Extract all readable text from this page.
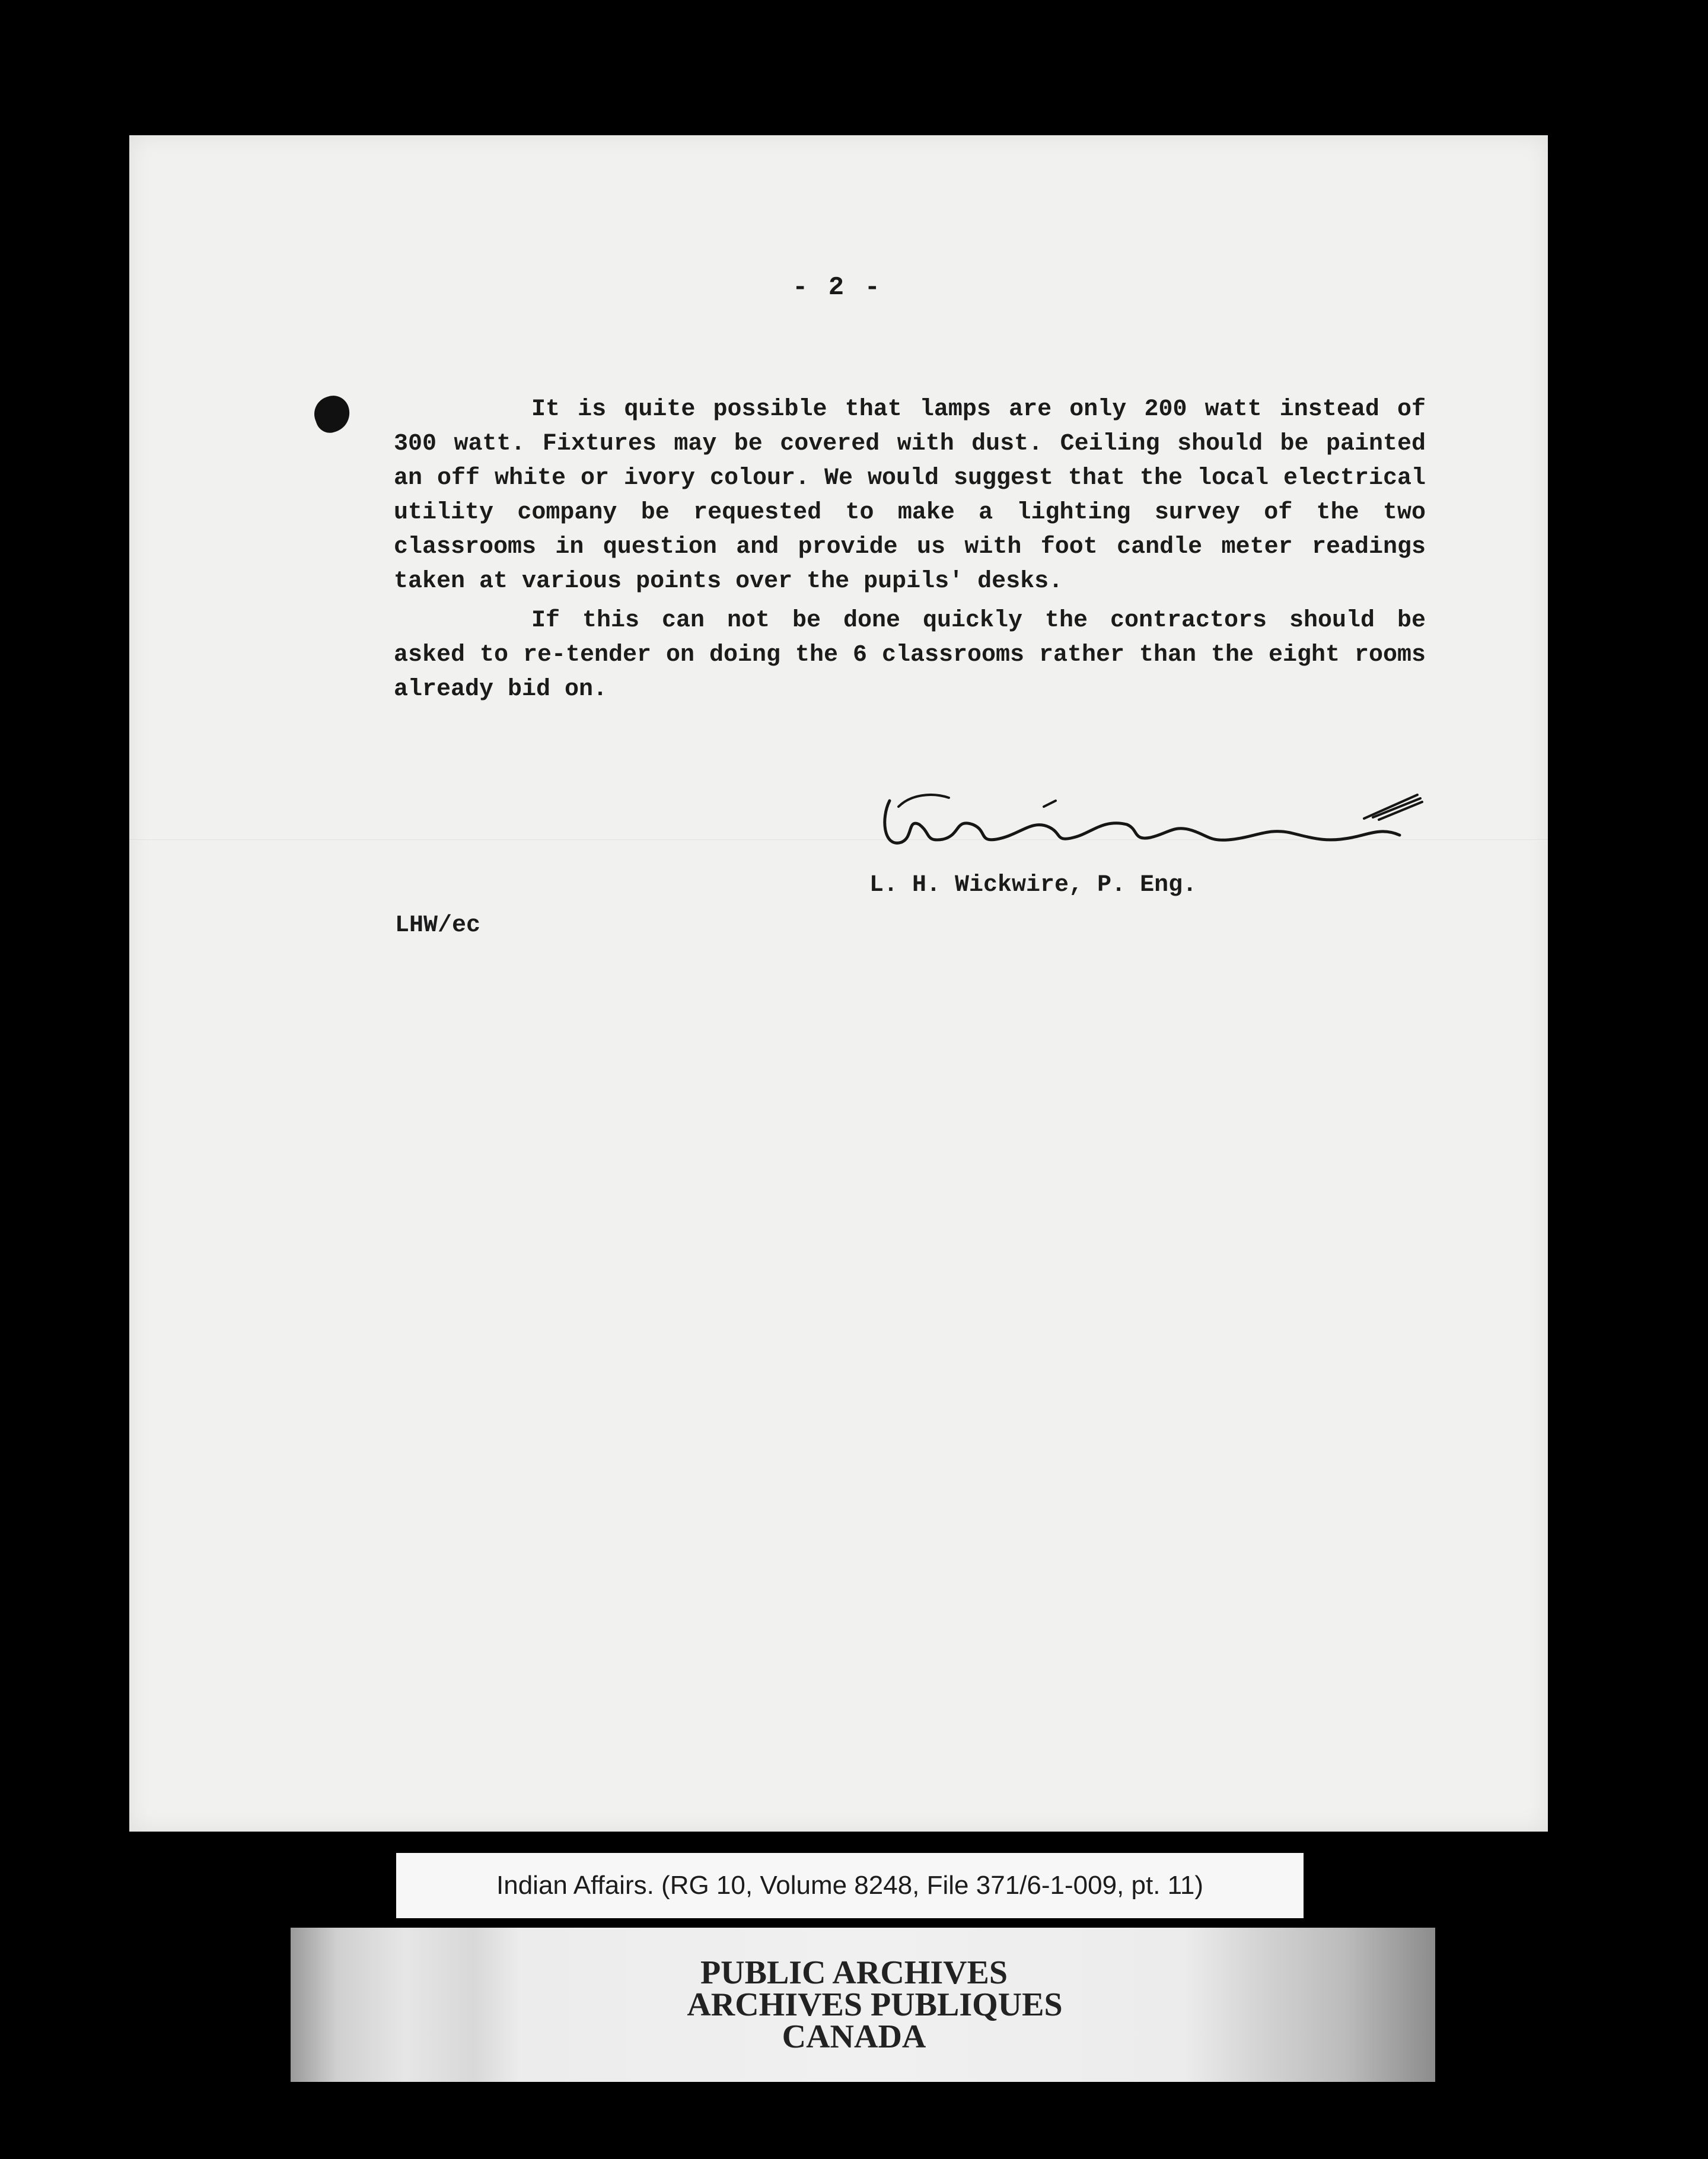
- 2 -

It is quite possible that lamps are only 200 watt instead of 300 watt. Fixtures may be covered with dust. Ceiling should be painted an off white or ivory colour. We would suggest that the local electrical utility company be requested to make a lighting survey of the two classrooms in question and provide us with foot candle meter readings taken at various points over the pupils' desks.

If this can not be done quickly the contractors should be asked to re-tender on doing the 6 classrooms rather than the eight rooms already bid on.

L. H. Wickwire, P. Eng.
LHW/ec
Indian Affairs. (RG 10, Volume 8248, File 371/6-1-009, pt. 11)
PUBLIC ARCHIVES
ARCHIVES PUBLIQUES
CANADA
